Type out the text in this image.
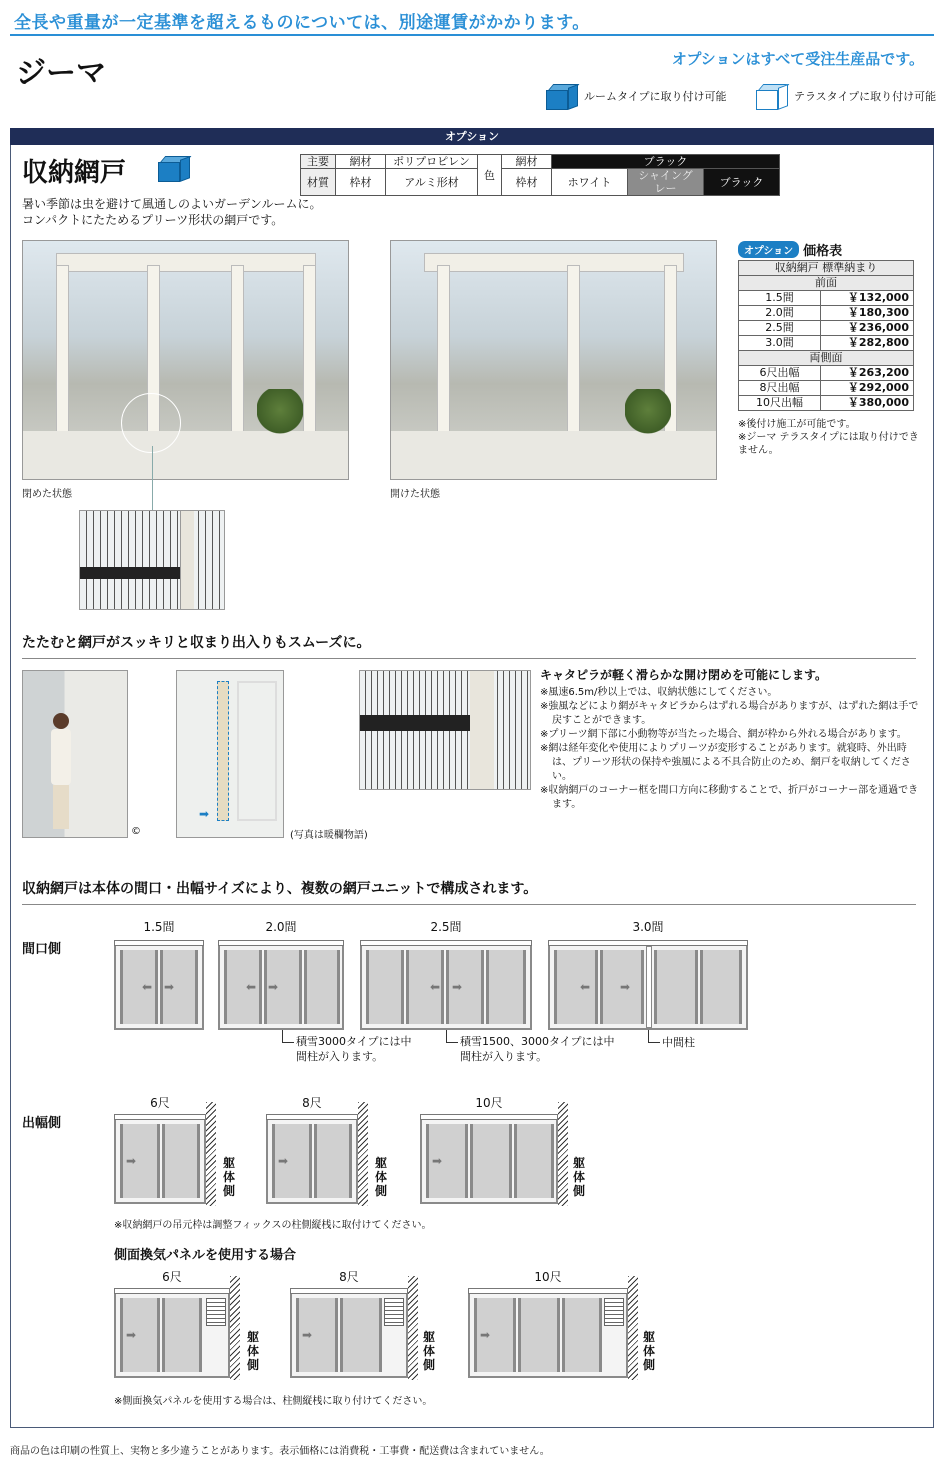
全長や重量が一定基準を超えるものについては、別途運賃がかかります。
ジーマ	オプションはすべて受注生産品です。
ルームタイプに取り付け可能	テラスタイプに取り付け可能
オプション
収納網戸	主要	網材	ポリプロピレン	色	網材	ブラック		
材質	枠材	アルミ形材		枠材	ホワイト	シャイングレー	ブラック
暑い季節は虫を避けて風通しのよいガーデンルームに。
コンパクトにたためるプリーツ形状の網戸です。
閉めた状態	開けた状態
オプション 価格表
収納網戸 標準納まり	
前面	
1.5間	￥132,000
2.0間	￥180,300
2.5間	￥236,000
3.0間	￥282,800
両側面	
6尺出幅	￥263,200
8尺出幅	￥292,000
10尺出幅	￥380,000
※後付け施工が可能です。
※ジーマ テラスタイプには取り付けできません。
たたむと網戸がスッキリと収まり出入りもスムーズに。
©
➡
(写真は暖欄物語)
キャタピラが軽く滑らかな開け閉めを可能にします。
※風速6.5m/秒以上では、収納状態にしてください。
※強風などにより網がキャタピラからはずれる場合がありますが、はずれた網は手で戻すことができます。
※プリーツ網下部に小動物等が当たった場合、網が枠から外れる場合があります。
※網は経年変化や使用によりプリーツが変形することがあります。就寝時、外出時は、プリーツ形状の保持や強風による不具合防止のため、網戸を収納してください。
※収納網戸のコーナー框を間口方向に移動することで、折戸がコーナー部を通過できます。
収納網戸は本体の間口・出幅サイズにより、複数の網戸ユニットで構成されます。
間口側
1.5間
⬅ ➡
2.0間
⬅ ➡
2.5間
⬅ ➡
3.0間
⬅ ➡
積雪3000タイプには中間柱が入ります。
積雪1500、3000タイプには中間柱が入ります。
中間柱
出幅側
6尺
➡	躯体側
8尺
➡	躯体側
10尺
➡	躯体側
※収納網戸の吊元枠は調整フィックスの柱側縦桟に取付けてください。
側面換気パネルを使用する場合
6尺
➡	躯体側
8尺
➡	躯体側
10尺
➡	躯体側
※側面換気パネルを使用する場合は、柱側縦桟に取り付けてください。
商品の色は印刷の性質上、実物と多少違うことがあります。表示価格には消費税・工事費・配送費は含まれていません。
